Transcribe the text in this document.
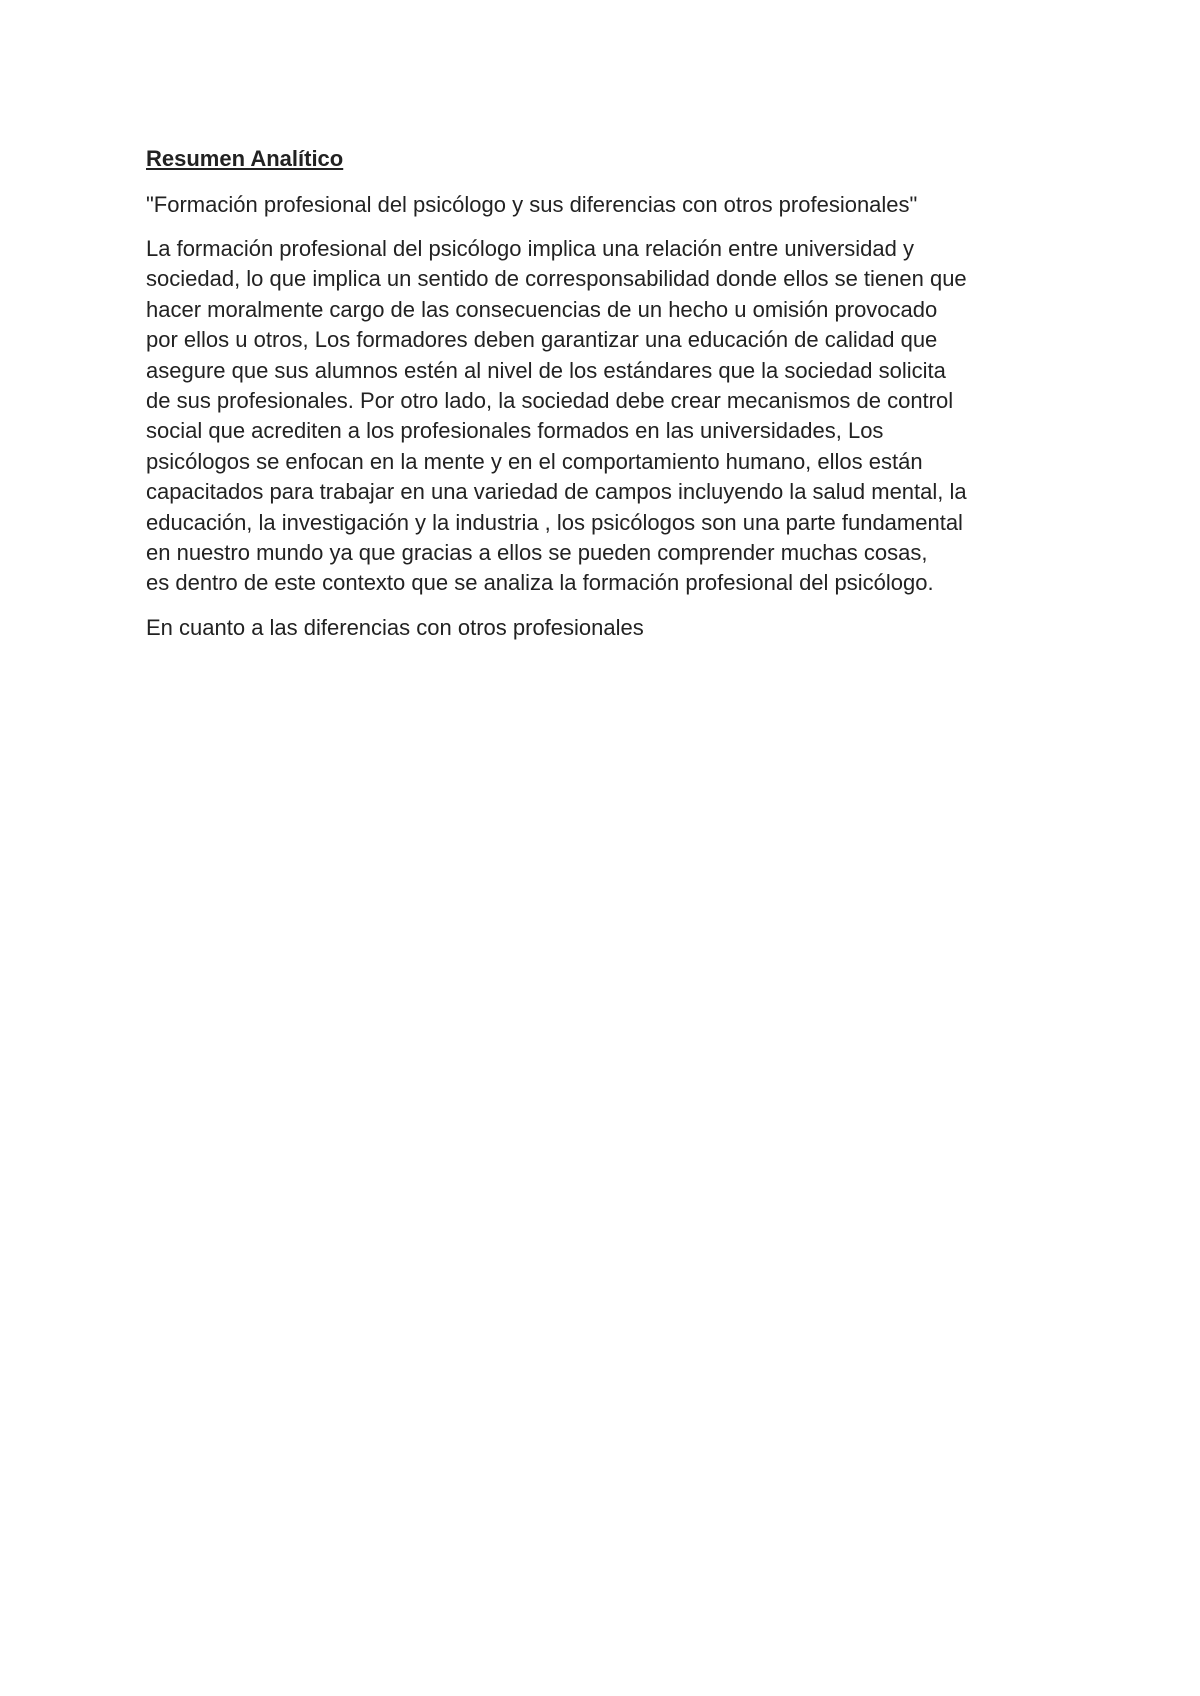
Resumen Analítico
"Formación profesional del psicólogo y sus diferencias con otros profesionales"
La formación profesional del psicólogo implica una relación entre universidad y
sociedad, lo que implica un sentido de corresponsabilidad donde ellos se tienen que
hacer moralmente cargo de las consecuencias de un hecho u omisión provocado
por ellos u otros, Los formadores deben garantizar una educación de calidad que
asegure que sus alumnos estén al nivel de los estándares que la sociedad solicita
de sus profesionales. Por otro lado, la sociedad debe crear mecanismos de control
social que acrediten a los profesionales formados en las universidades, Los
psicólogos se enfocan en la mente y en el comportamiento humano, ellos están
capacitados para trabajar en una variedad de campos incluyendo la salud mental, la
educación, la investigación y la industria , los psicólogos son una parte fundamental
en nuestro mundo ya que gracias a ellos se pueden comprender muchas cosas,
es dentro de este contexto que se analiza la formación profesional del psicólogo.
En cuanto a las diferencias con otros profesionales
